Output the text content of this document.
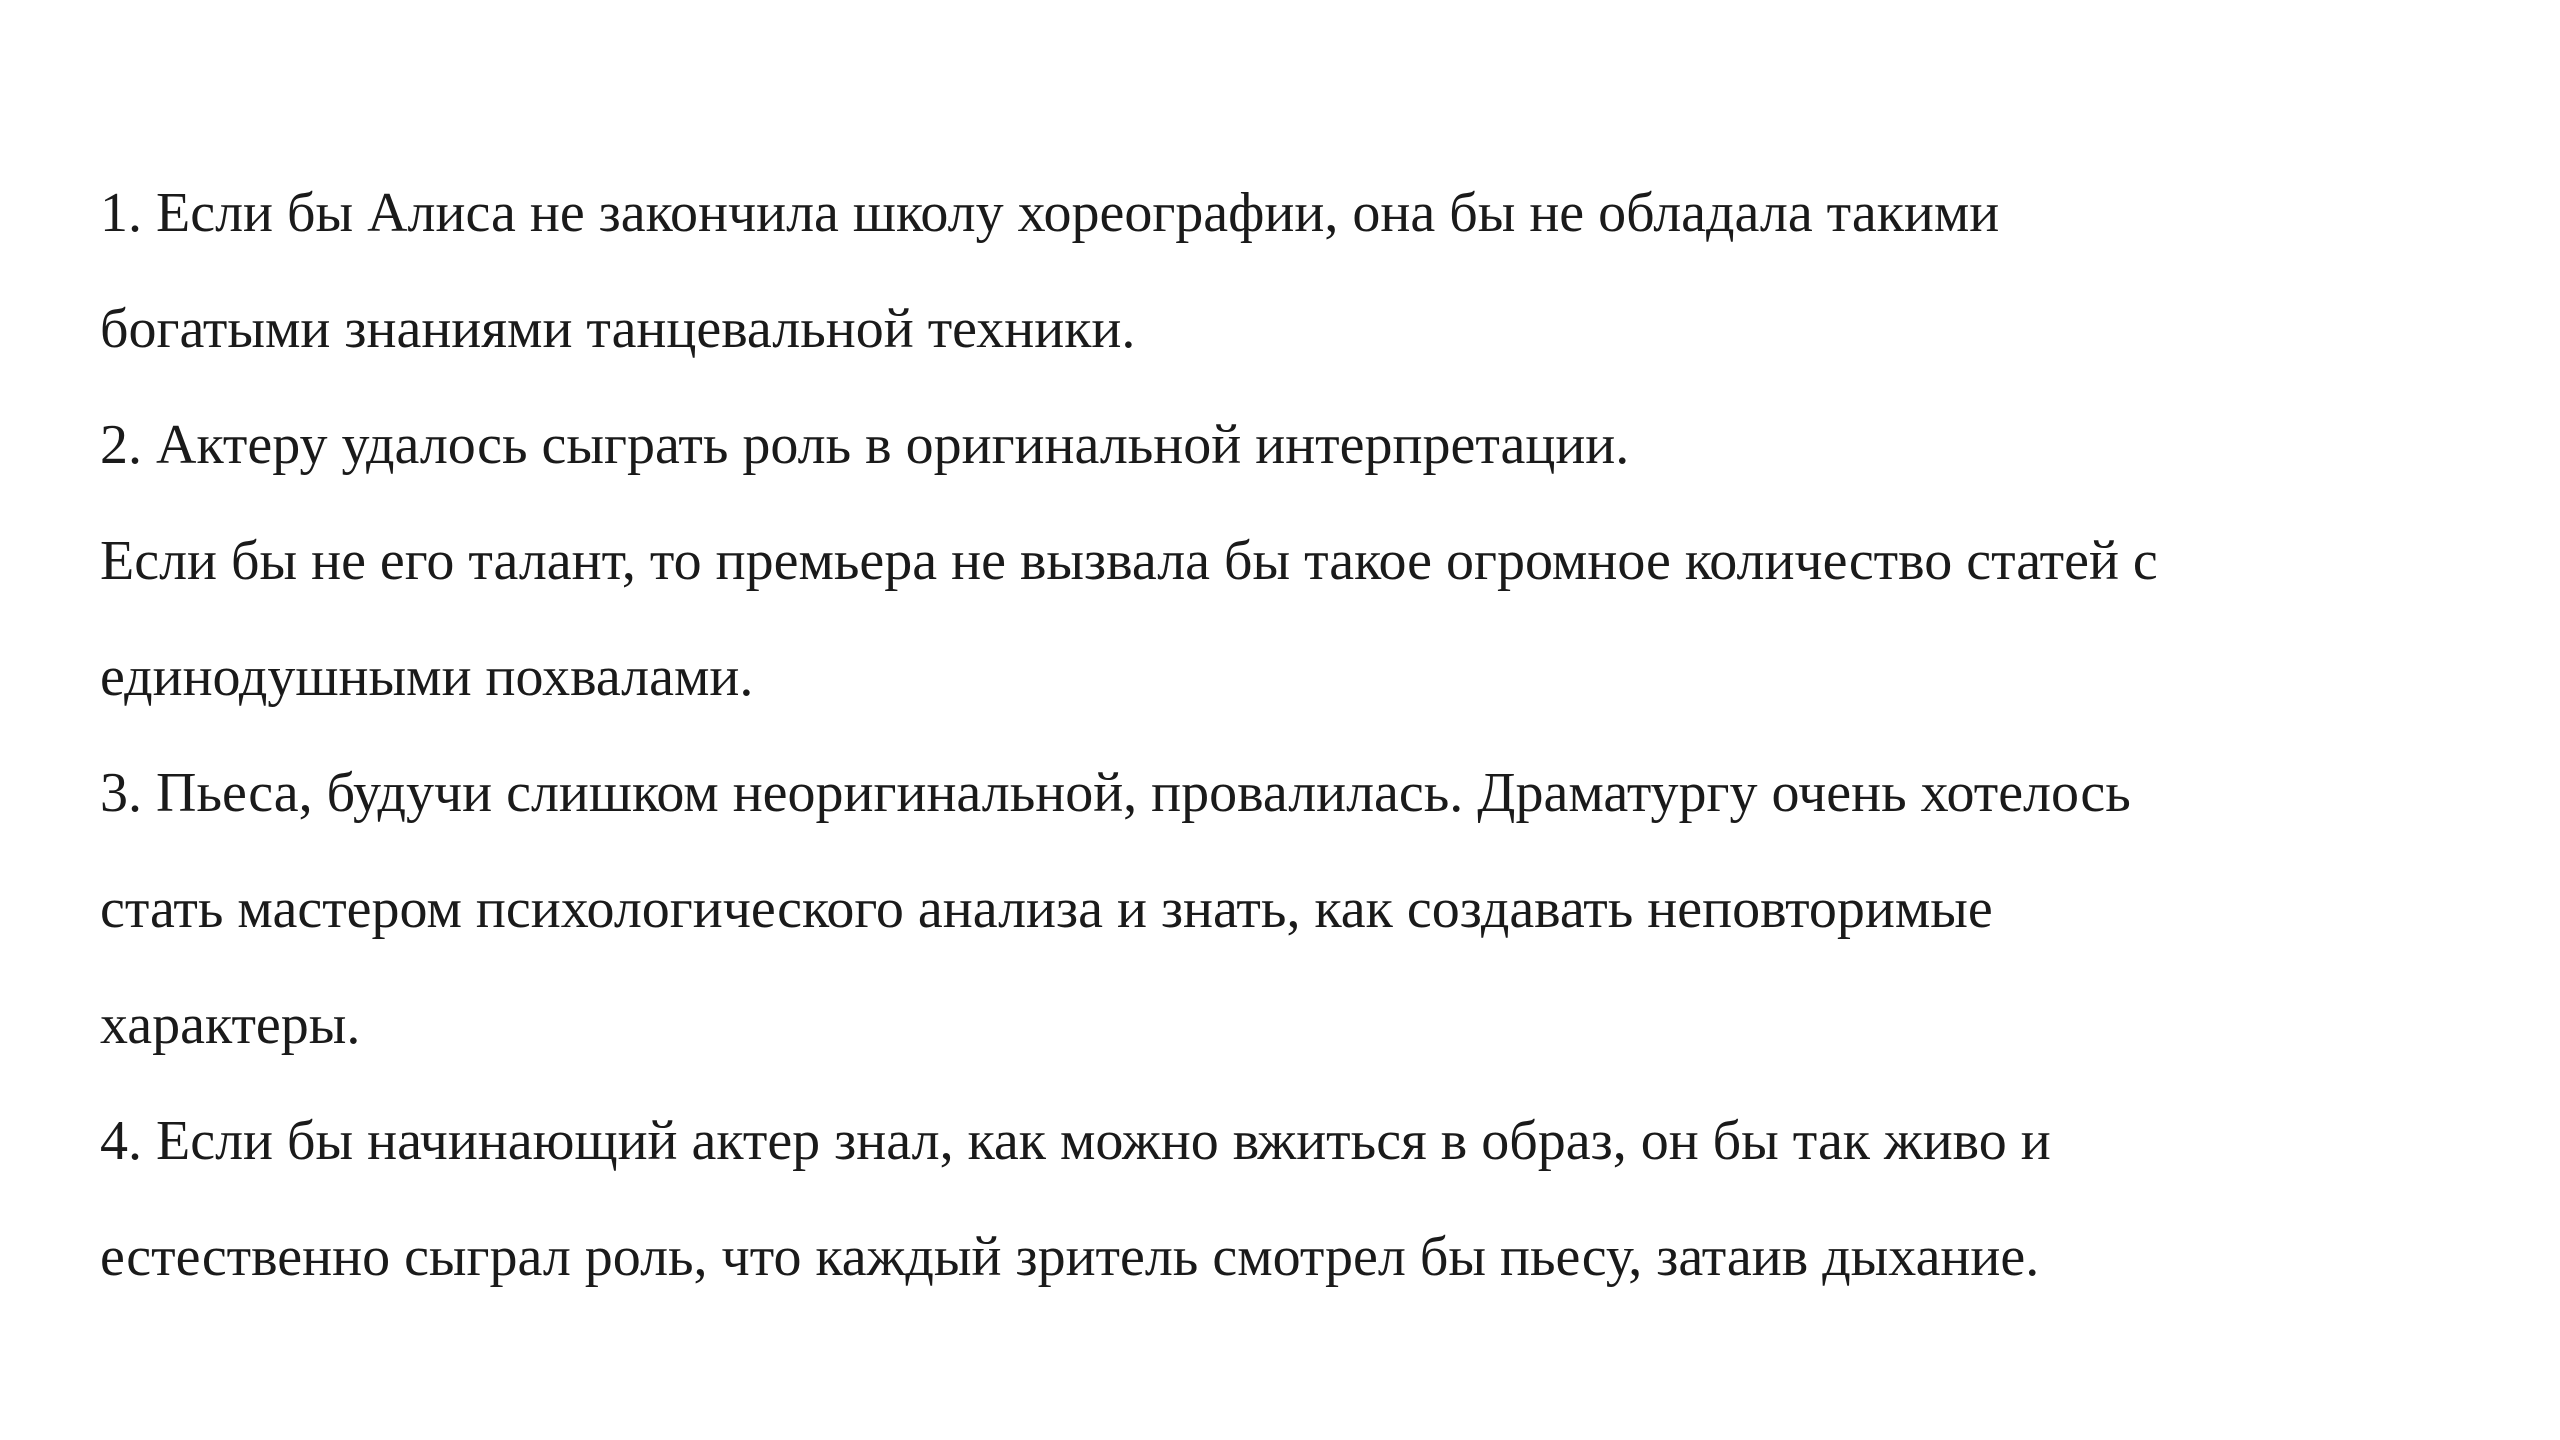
1. Если бы Алиса не закончила школу хореографии, она бы не обладала такими

богатыми знаниями танцевальной техники.

2. Актеру удалось сыграть роль в оригинальной интерпретации.

Если бы не его талант, то премьера не вызвала бы такое огромное количество статей с

единодушными похвалами.

3. Пьеса, будучи слишком неоригинальной, провалилась. Драматургу очень хотелось

стать мастером психологического анализа и знать, как создавать неповторимые

характеры.

4. Если бы начинающий актер знал, как можно вжиться в образ, он бы так живо и

естественно сыграл роль, что каждый зритель смотрел бы пьесу, затаив дыхание.
